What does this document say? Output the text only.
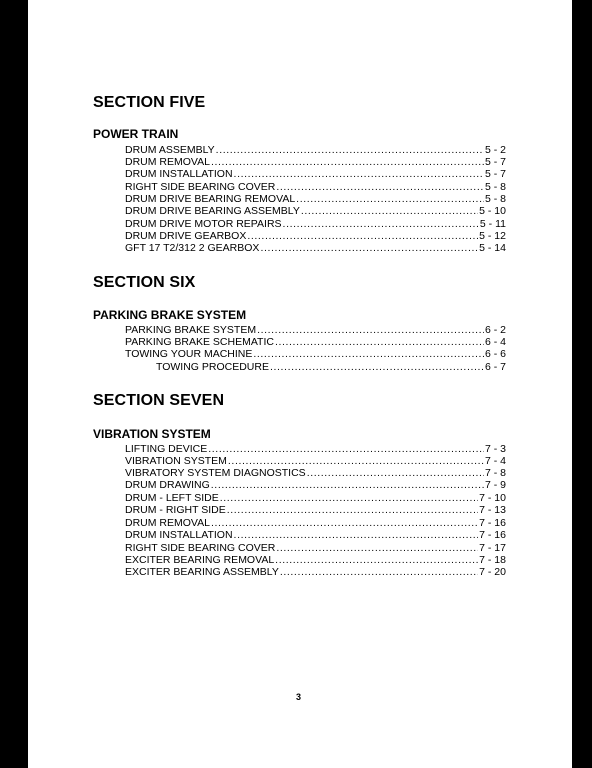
SECTION FIVE
POWER TRAIN
DRUM ASSEMBLY .....	5 - 2
DRUM REMOVAL .....	5 - 7
DRUM INSTALLATION .....	5 - 7
RIGHT SIDE BEARING COVER .....	5 - 8
DRUM DRIVE BEARING REMOVAL .....	5 - 8
DRUM DRIVE BEARING ASSEMBLY .....	5 - 10
DRUM DRIVE MOTOR REPAIRS .....	5 - 11
DRUM DRIVE GEARBOX .....	5 - 12
GFT 17 T2/312 2 GEARBOX .....	5 - 14
SECTION SIX
PARKING BRAKE SYSTEM
PARKING BRAKE SYSTEM .....	6 - 2
PARKING BRAKE SCHEMATIC .....	6 - 4
TOWING YOUR MACHINE .....	6 - 6
TOWING PROCEDURE .....	6 - 7
SECTION SEVEN
VIBRATION SYSTEM
LIFTING DEVICE .....	7 - 3
VIBRATION SYSTEM .....	7 - 4
VIBRATORY SYSTEM DIAGNOSTICS .....	7 - 8
DRUM DRAWING .....	7 - 9
DRUM - LEFT SIDE .....	7 - 10
DRUM - RIGHT SIDE .....	7 - 13
DRUM REMOVAL .....	7 - 16
DRUM INSTALLATION .....	7 - 16
RIGHT SIDE BEARING COVER .....	7 - 17
EXCITER BEARING REMOVAL .....	7 - 18
EXCITER BEARING ASSEMBLY .....	7 - 20
3
